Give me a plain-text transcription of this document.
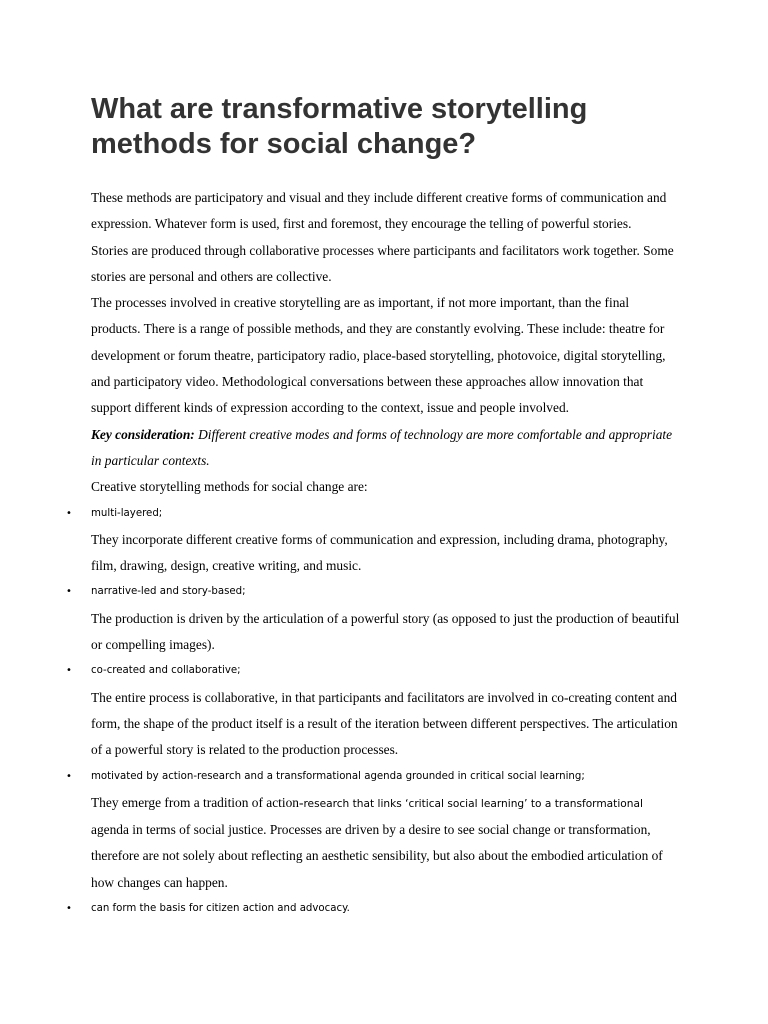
What are transformative storytelling methods for social change?

These methods are participatory and visual and they include different creative forms of communication and expression. Whatever form is used, first and foremost, they encourage the telling of powerful stories.

Stories are produced through collaborative processes where participants and facilitators work together. Some stories are personal and others are collective.

The processes involved in creative storytelling are as important, if not more important, than the final products. There is a range of possible methods, and they are constantly evolving. These include: theatre for development or forum theatre, participatory radio, place-based storytelling, photovoice, digital storytelling, and participatory video. Methodological conversations between these approaches allow innovation that support different kinds of expression according to the context, issue and people involved.

Key consideration: Different creative modes and forms of technology are more comfortable and appropriate in particular contexts.

Creative storytelling methods for social change are:

• multi-layered;

They incorporate different creative forms of communication and expression, including drama, photography, film, drawing, design, creative writing, and music.

• narrative-led and story-based;

The production is driven by the articulation of a powerful story (as opposed to just the production of beautiful or compelling images).

• co-created and collaborative;

The entire process is collaborative, in that participants and facilitators are involved in co-creating content and form, the shape of the product itself is a result of the iteration between different perspectives. The articulation of a powerful story is related to the production processes.

• motivated by action-research and a transformational agenda grounded in critical social learning;

They emerge from a tradition of action-research that links ‘critical social learning’ to a transformational agenda in terms of social justice. Processes are driven by a desire to see social change or transformation, therefore are not solely about reflecting an aesthetic sensibility, but also about the embodied articulation of how changes can happen.

• can form the basis for citizen action and advocacy.
